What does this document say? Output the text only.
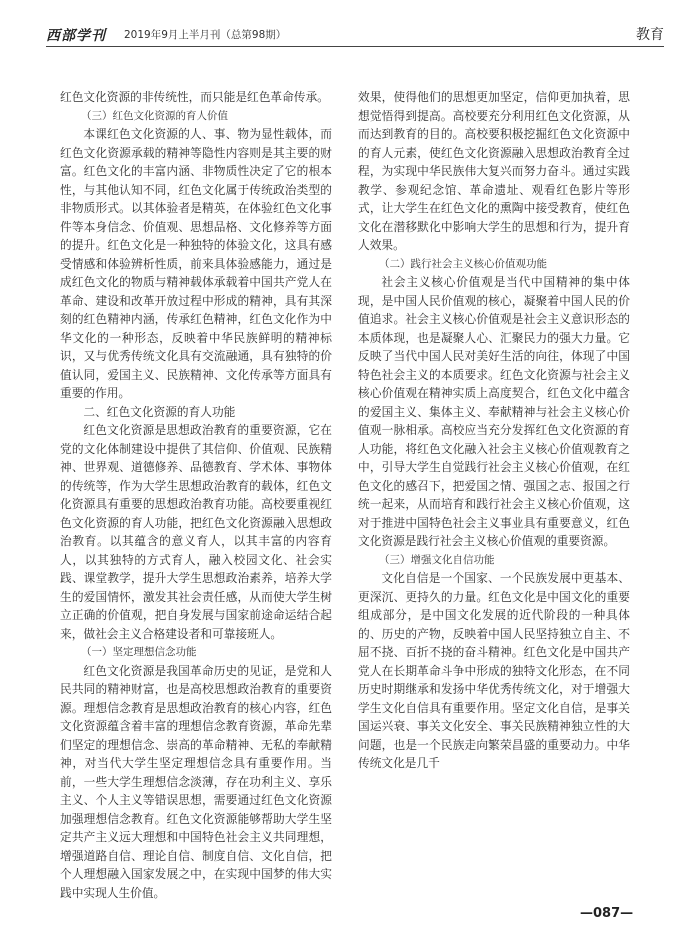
西部学刊 2019年9月上半月刊（总第98期）	教育

红色文化资源的非传统性，而只能是红色革命传承。

（三）红色文化资源的育人价值

本课红色文化资源的人、事、物为显性载体，而红色文化资源承载的精神等隐性内容则是其主要的财富。红色文化的丰富内涵、非物质性决定了它的根本性，与其他认知不同，红色文化属于传统政治类型的非物质形式。以其体验者是精英，在体验红色文化事件等本身信念、价值观、思想品格、文化修养等方面的提升。红色文化是一种独特的体验文化，这具有感受情感和体验辨析性质，前来具体验感能力，通过是成红色文化的物质与精神载体承载着中国共产党人在革命、建设和改革开放过程中形成的精神，具有其深刻的红色精神内涵，传承红色精神，红色文化作为中华文化的一种形态，反映着中华民族鲜明的精神标识，又与优秀传统文化具有交流融通，具有独特的价值认同，爱国主义、民族精神、文化传承等方面具有重要的作用。

二、红色文化资源的育人功能

红色文化资源是思想政治教育的重要资源，它在党的文化体制建设中提供了其信仰、价值观、民族精神、世界观、道德修养、品德教育、学术体、事物体的传统等，作为大学生思想政治教育的载体，红色文化资源具有重要的思想政治教育功能。高校要重视红色文化资源的育人功能，把红色文化资源融入思想政治教育。以其蕴含的意义育人，以其丰富的内容育人，以其独特的方式育人，融入校园文化、社会实践、课堂教学，提升大学生思想政治素养，培养大学生的爱国情怀，激发其社会责任感，从而使大学生树立正确的价值观，把自身发展与国家前途命运结合起来，做社会主义合格建设者和可靠接班人。

（一）坚定理想信念功能

红色文化资源是我国革命历史的见证，是党和人民共同的精神财富，也是高校思想政治教育的重要资源。理想信念教育是思想政治教育的核心内容，红色文化资源蕴含着丰富的理想信念教育资源，革命先辈们坚定的理想信念、崇高的革命精神、无私的奉献精神，对当代大学生坚定理想信念具有重要作用。当前，一些大学生理想信念淡薄，存在功利主义、享乐主义、个人主义等错误思想，需要通过红色文化资源加强理想信念教育。红色文化资源能够帮助大学生坚定共产主义远大理想和中国特色社会主义共同理想，增强道路自信、理论自信、制度自信、文化自信，把个人理想融入国家发展之中，在实现中国梦的伟大实践中实现人生价值。

效果，使得他们的思想更加坚定，信仰更加执着，思想觉悟得到提高。高校要充分利用红色文化资源，从而达到教育的目的。高校要积极挖掘红色文化资源中的育人元素，使红色文化资源融入思想政治教育全过程，为实现中华民族伟大复兴而努力奋斗。通过实践教学、参观纪念馆、革命遗址、观看红色影片等形式，让大学生在红色文化的熏陶中接受教育，使红色文化在潜移默化中影响大学生的思想和行为，提升育人效果。

（二）践行社会主义核心价值观功能

社会主义核心价值观是当代中国精神的集中体现，是中国人民价值观的核心，凝聚着中国人民的价值追求。社会主义核心价值观是社会主义意识形态的本质体现，也是凝聚人心、汇聚民力的强大力量。它反映了当代中国人民对美好生活的向往，体现了中国特色社会主义的本质要求。红色文化资源与社会主义核心价值观在精神实质上高度契合，红色文化中蕴含的爱国主义、集体主义、奉献精神与社会主义核心价值观一脉相承。高校应当充分发挥红色文化资源的育人功能，将红色文化融入社会主义核心价值观教育之中，引导大学生自觉践行社会主义核心价值观，在红色文化的感召下，把爱国之情、强国之志、报国之行统一起来，从而培育和践行社会主义核心价值观，这对于推进中国特色社会主义事业具有重要意义，红色文化资源是践行社会主义核心价值观的重要资源。

（三）增强文化自信功能

文化自信是一个国家、一个民族发展中更基本、更深沉、更持久的力量。红色文化是中国文化的重要组成部分，是中国文化发展的近代阶段的一种具体的、历史的产物，反映着中国人民坚持独立自主、不屈不挠、百折不挠的奋斗精神。红色文化是中国共产党人在长期革命斗争中形成的独特文化形态，在不同历史时期继承和发扬中华优秀传统文化，对于增强大学生文化自信具有重要作用。坚定文化自信，是事关国运兴衰、事关文化安全、事关民族精神独立性的大问题，也是一个民族走向繁荣昌盛的重要动力。中华传统文化是几千

—087—
